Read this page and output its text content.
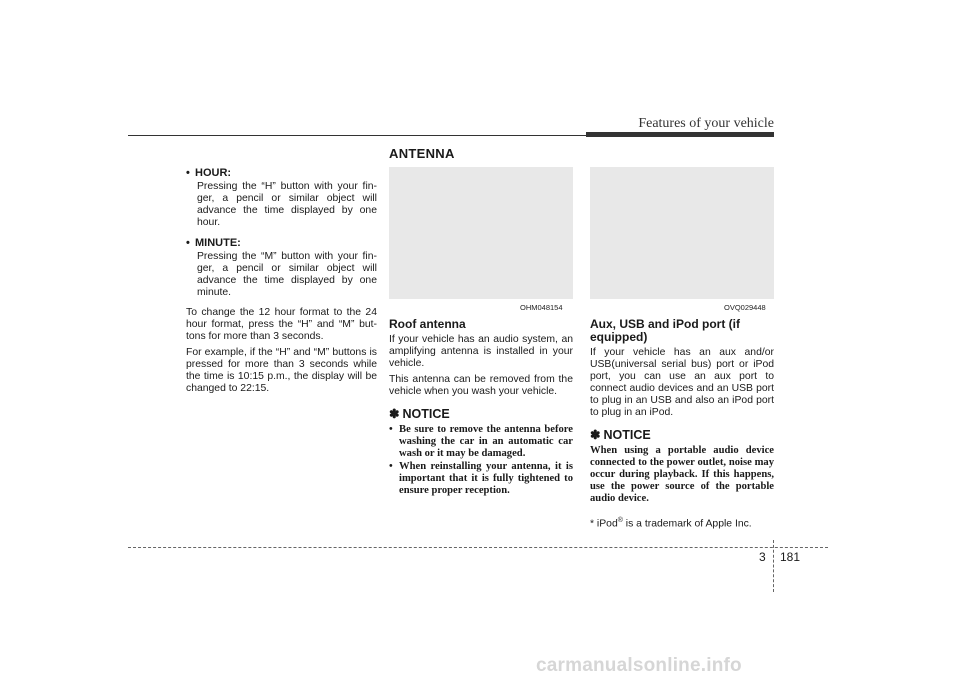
Features of your vehicle
• HOUR:
Pressing the “H” button with your fin-ger, a pencil or similar object will advance the time displayed by one hour.
• MINUTE:
Pressing the “M” button with your fin-ger, a pencil or similar object will advance the time displayed by one minute.

To change the 12 hour format to the 24 hour format, press the “H” and “M” but-tons for more than 3 seconds.

For example, if the “H” and “M” buttons is pressed for more than 3 seconds while the time is 10:15 p.m., the display will be changed to 22:15.

ANTENNA
OHM048154	OVQ029448
Roof antenna

If your vehicle has an audio system, an amplifying antenna is installed in your vehicle.

This antenna can be removed from the vehicle when you wash your vehicle.

✽ NOTICE
• Be sure to remove the antenna before washing the car in an automatic car wash or it may be damaged.
• When reinstalling your antenna, it is important that it is fully tightened to ensure proper reception.
Aux, USB and iPod port (if equipped)

If your vehicle has an aux and/or USB(universal serial bus) port or iPod port, you can use an aux port to connect audio devices and an USB port to plug in an USB and also an iPod port to plug in an iPod.

✽ NOTICE

When using a portable audio device connected to the power outlet, noise may occur during playback. If this happens, use the power source of the portable audio device.

* iPod® is a trademark of Apple Inc.
3 181
carmanualsonline.info
